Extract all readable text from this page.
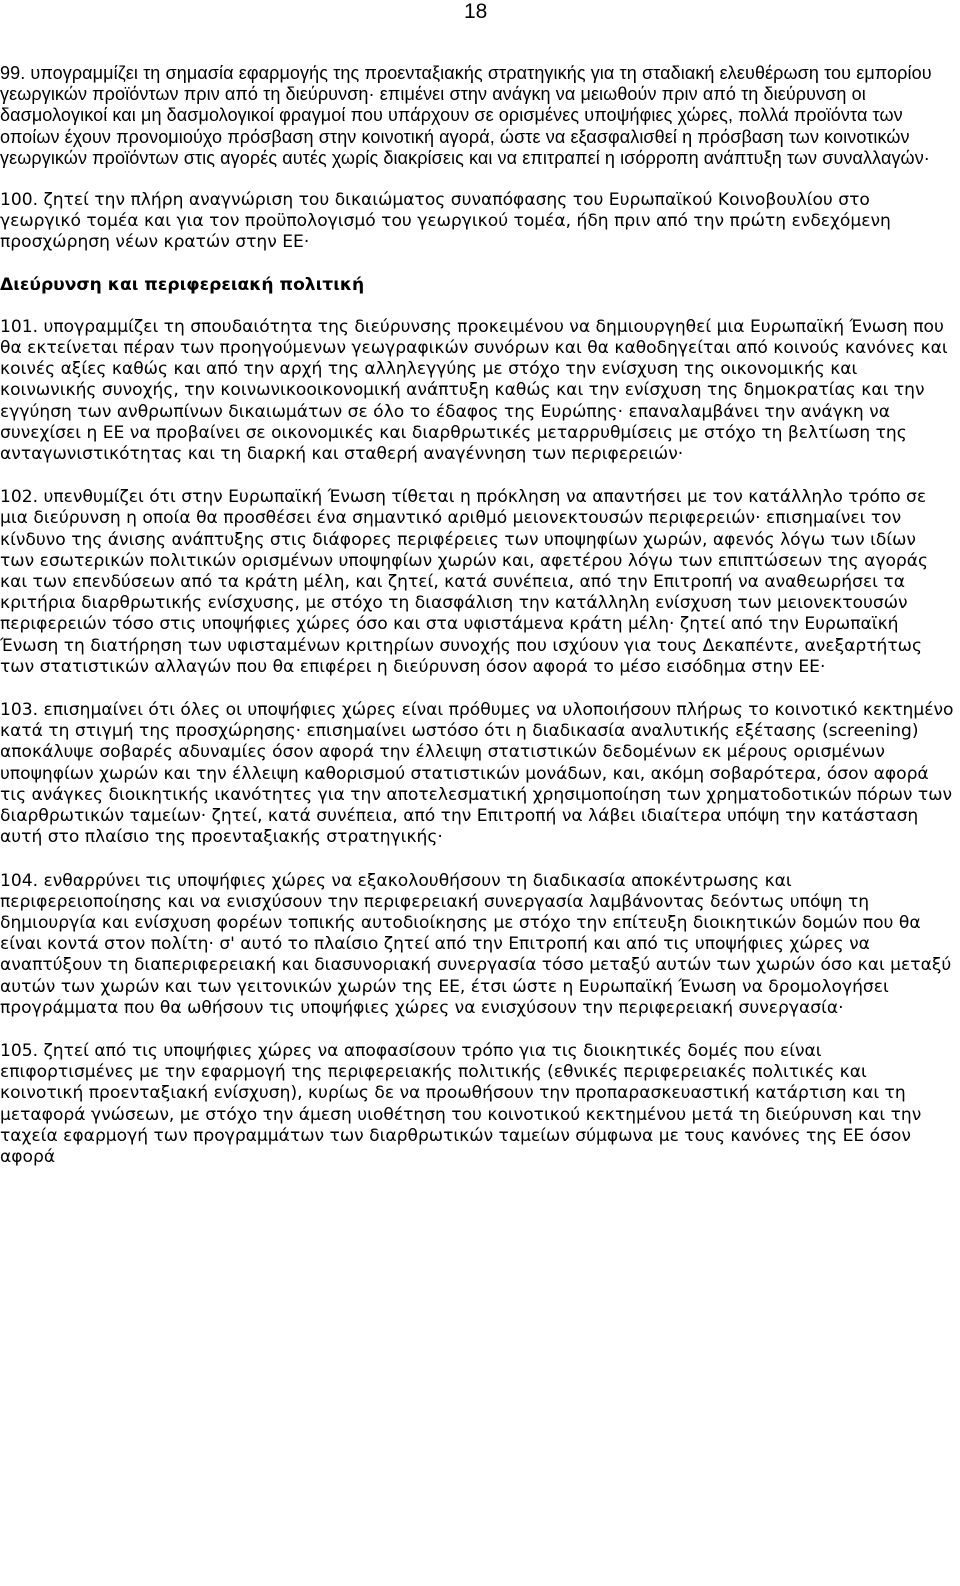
18

99. υπογραμμίζει τη σημασία εφαρμογής της προενταξιακής στρατηγικής για τη σταδιακή ελευθέρωση του εμπορίου γεωργικών προϊόντων πριν από τη διεύρυνση· επιμένει στην ανάγκη να μειωθούν πριν από τη διεύρυνση οι δασμολογικοί και μη δασμολογικοί φραγμοί που υπάρχουν σε ορισμένες υποψήφιες χώρες, πολλά προϊόντα των οποίων έχουν προνομιούχο πρόσβαση στην κοινοτική αγορά, ώστε να εξασφαλισθεί η πρόσβαση των κοινοτικών γεωργικών προϊόντων στις αγορές αυτές χωρίς διακρίσεις και να επιτραπεί η ισόρροπη ανάπτυξη των συναλλαγών·

100. ζητεί την πλήρη αναγνώριση του δικαιώματος συναπόφασης του Ευρωπαϊκού Κοινοβουλίου στο γεωργικό τομέα και για τον προϋπολογισμό του γεωργικού τομέα, ήδη πριν από την πρώτη ενδεχόμενη προσχώρηση νέων κρατών στην ΕΕ·

Διεύρυνση και περιφερειακή πολιτική

101. υπογραμμίζει τη σπουδαιότητα της διεύρυνσης προκειμένου να δημιουργηθεί μια Ευρωπαϊκή Ένωση που θα εκτείνεται πέραν των προηγούμενων γεωγραφικών συνόρων και θα καθοδηγείται από κοινούς κανόνες και κοινές αξίες καθώς και από την αρχή της αλληλεγγύης με στόχο την ενίσχυση της οικονομικής και κοινωνικής συνοχής, την κοινωνικοοικονομική ανάπτυξη καθώς και την ενίσχυση της δημοκρατίας και την εγγύηση των ανθρωπίνων δικαιωμάτων σε όλο το έδαφος της Ευρώπης· επαναλαμβάνει την ανάγκη να συνεχίσει η ΕΕ να προβαίνει σε οικονομικές και διαρθρωτικές μεταρρυθμίσεις με στόχο τη βελτίωση της ανταγωνιστικότητας και τη διαρκή και σταθερή αναγέννηση των περιφερειών·

102. υπενθυμίζει ότι στην Ευρωπαϊκή Ένωση τίθεται η πρόκληση να απαντήσει με τον κατάλληλο τρόπο σε μια διεύρυνση η οποία θα προσθέσει ένα σημαντικό αριθμό μειονεκτουσών περιφερειών· επισημαίνει τον κίνδυνο της άνισης ανάπτυξης στις διάφορες περιφέρειες των υποψηφίων χωρών, αφενός λόγω των ιδίων των εσωτερικών πολιτικών ορισμένων υποψηφίων χωρών και, αφετέρου λόγω των επιπτώσεων της αγοράς και των επενδύσεων από τα κράτη μέλη, και ζητεί, κατά συνέπεια, από την Επιτροπή να αναθεωρήσει τα κριτήρια διαρθρωτικής ενίσχυσης, με στόχο τη διασφάλιση την κατάλληλη ενίσχυση των μειονεκτουσών περιφερειών τόσο στις υποψήφιες χώρες όσο και στα υφιστάμενα κράτη μέλη· ζητεί από την Ευρωπαϊκή Ένωση τη διατήρηση των υφισταμένων κριτηρίων συνοχής που ισχύουν για τους Δεκαπέντε, ανεξαρτήτως των στατιστικών αλλαγών που θα επιφέρει η διεύρυνση όσον αφορά το μέσο εισόδημα στην ΕΕ·

103. επισημαίνει ότι όλες οι υποψήφιες χώρες είναι πρόθυμες να υλοποιήσουν πλήρως το κοινοτικό κεκτημένο κατά τη στιγμή της προσχώρησης· επισημαίνει ωστόσο ότι η διαδικασία αναλυτικής εξέτασης (screening) αποκάλυψε σοβαρές αδυναμίες όσον αφορά την έλλειψη στατιστικών δεδομένων εκ μέρους ορισμένων υποψηφίων χωρών και την έλλειψη καθορισμού στατιστικών μονάδων, και, ακόμη σοβαρότερα, όσον αφορά τις ανάγκες διοικητικής ικανότητες για την αποτελεσματική χρησιμοποίηση των χρηματοδοτικών πόρων των διαρθρωτικών ταμείων· ζητεί, κατά συνέπεια, από την Επιτροπή να λάβει ιδιαίτερα υπόψη την κατάσταση αυτή στο πλαίσιο της προενταξιακής στρατηγικής·

104. ενθαρρύνει τις υποψήφιες χώρες να εξακολουθήσουν τη διαδικασία αποκέντρωσης και περιφερειοποίησης και να ενισχύσουν την περιφερειακή συνεργασία λαμβάνοντας δεόντως υπόψη τη δημιουργία και ενίσχυση φορέων τοπικής αυτοδιοίκησης με στόχο την επίτευξη διοικητικών δομών που θα είναι κοντά στον πολίτη· σ' αυτό το πλαίσιο ζητεί από την Επιτροπή και από τις υποψήφιες χώρες να αναπτύξουν τη διαπεριφερειακή και διασυνοριακή συνεργασία τόσο μεταξύ αυτών των χωρών όσο και μεταξύ αυτών των χωρών και των γειτονικών χωρών της ΕΕ, έτσι ώστε η Ευρωπαϊκή Ένωση να δρομολογήσει προγράμματα που θα ωθήσουν τις υποψήφιες χώρες να ενισχύσουν την περιφερειακή συνεργασία·

105. ζητεί από τις υποψήφιες χώρες να αποφασίσουν τρόπο για τις διοικητικές δομές που είναι επιφορτισμένες με την εφαρμογή της περιφερειακής πολιτικής (εθνικές περιφερειακές πολιτικές και κοινοτική προενταξιακή ενίσχυση), κυρίως δε να προωθήσουν την προπαρασκευαστική κατάρτιση και τη μεταφορά γνώσεων, με στόχο την άμεση υιοθέτηση του κοινοτικού κεκτημένου μετά τη διεύρυνση και την ταχεία εφαρμογή των προγραμμάτων των διαρθρωτικών ταμείων σύμφωνα με τους κανόνες της ΕΕ όσον αφορά
